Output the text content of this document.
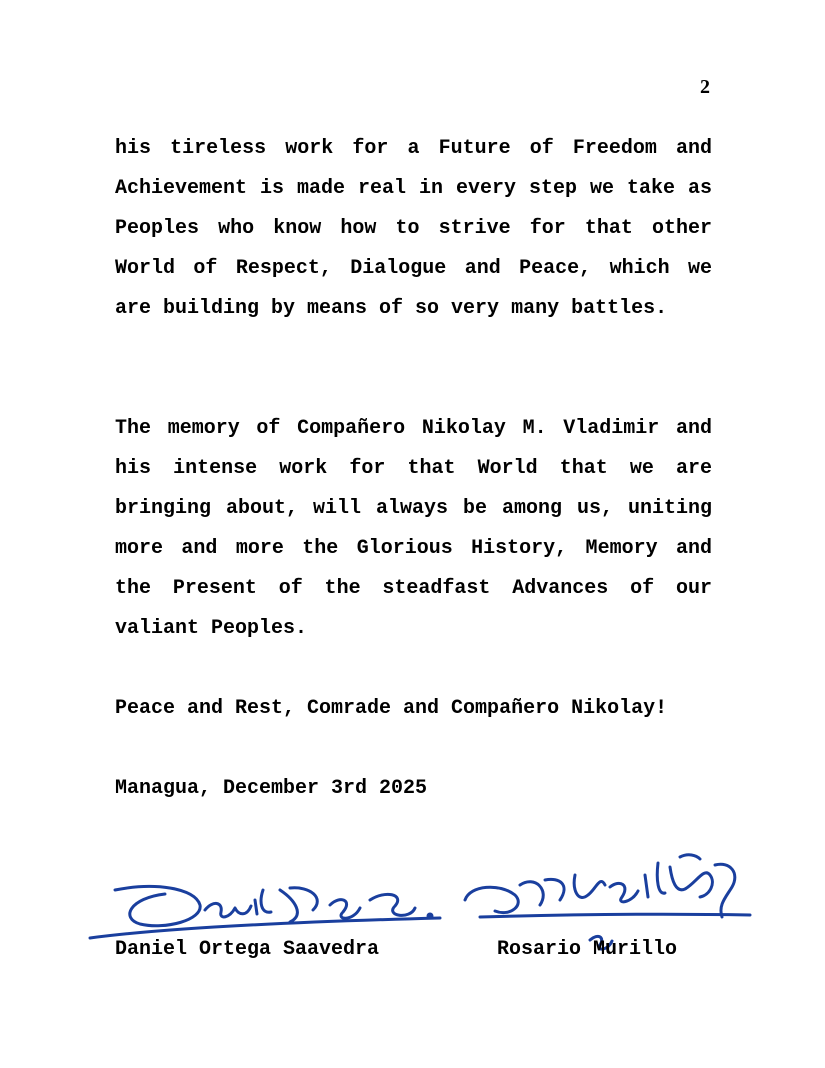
2

his tireless work for a Future of Freedom and Achievement is made real in every step we take as Peoples who know how to strive for that other World of Respect, Dialogue and Peace, which we are building by means of so very many battles.

The memory of Compañero Nikolay M. Vladimir and his intense work for that World that we are bringing about, will always be among us, uniting more and more the Glorious History, Memory and the Present of the steadfast Advances of our valiant Peoples.

Peace and Rest, Comrade and Compañero Nikolay!

Managua, December 3rd 2025

Daniel Ortega Saavedra	Rosario Murillo
